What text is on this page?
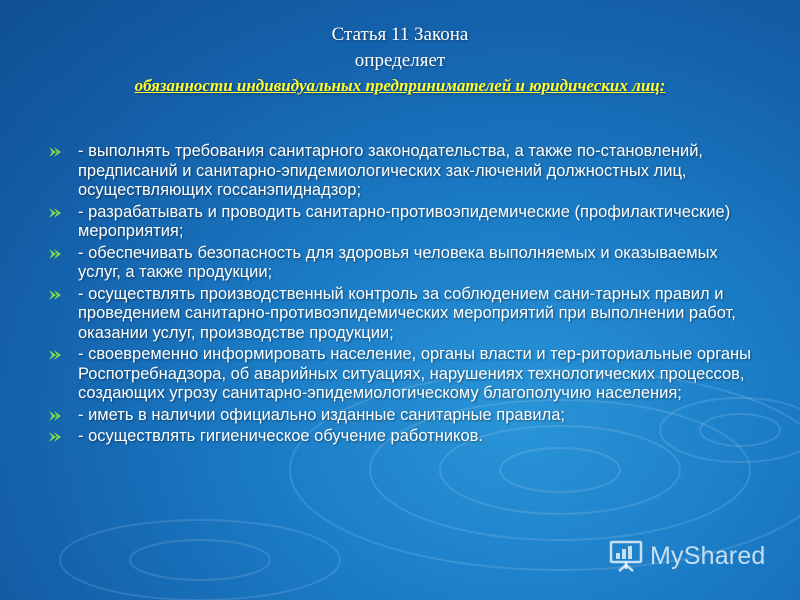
Статья 11 Закона
определяет
обязанности индивидуальных предпринимателей и юридических лиц:
- выполнять требования санитарного законодательства, а также по-становлений, предписаний и санитарно-эпидемиологических зак-лючений должностных лиц, осуществляющих госсанэпиднадзор;
- разрабатывать и проводить санитарно-противоэпидемические (профилактические) мероприятия;
- обеспечивать безопасность для здоровья человека выполняемых и оказываемых услуг, а также продукции;
- осуществлять производственный контроль за соблюдением сани-тарных правил и проведением санитарно-противоэпидемических мероприятий при выполнении работ, оказании услуг, производстве продукции;
- своевременно информировать население, органы власти и тер-риториальные органы Роспотребнадзора, об аварийных ситуациях, нарушениях технологических процессов, создающих угрозу санитарно-эпидемиологическому благополучию населения;
- иметь в наличии официально изданные санитарные правила;
- осуществлять гигиеническое обучение работников.
MyShared
